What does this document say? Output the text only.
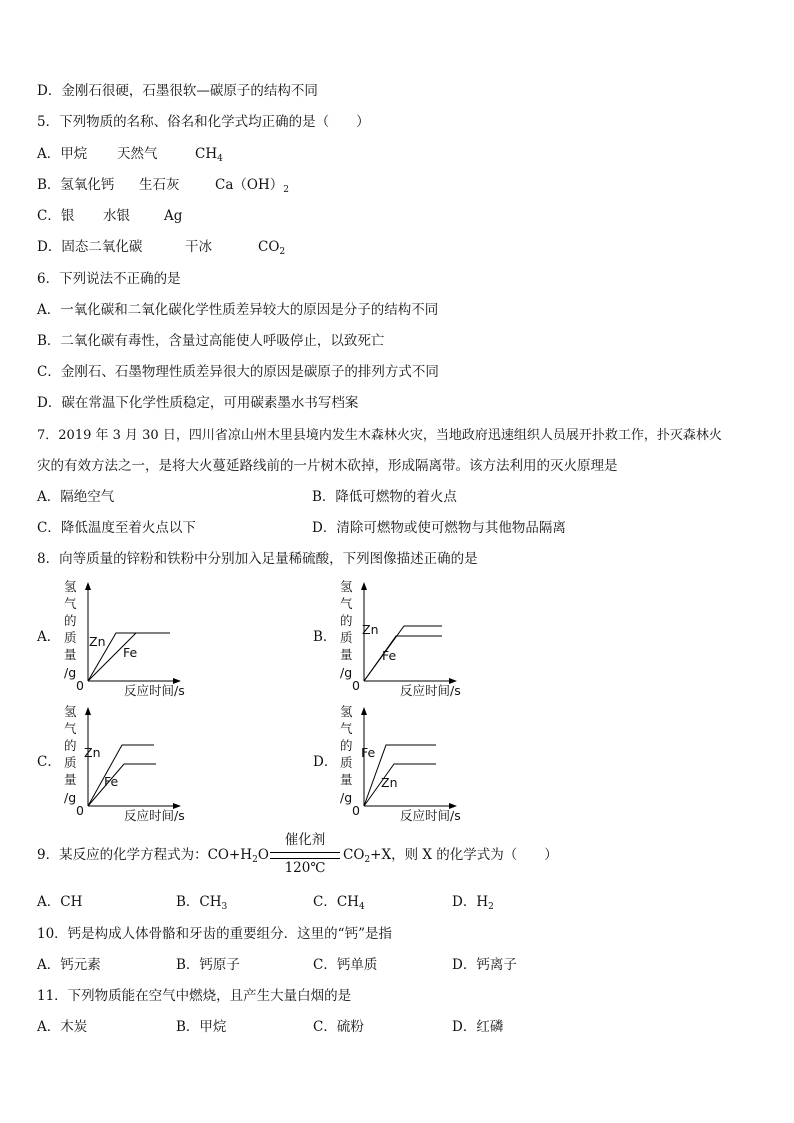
D．金刚石很硬，石墨很软—碳原子的结构不同
5．下列物质的名称、俗名和化学式均正确的是（　　）
A．甲烷 天然气	$CH_4$
B．氢氧化钙 生石灰	$Ca(OH)_2$
C．银 水银	Ag
D．固态二氧化碳	干冰	$CO_2$
6．下列说法不正确的是
A．一氧化碳和二氧化碳化学性质差异较大的原因是分子的结构不同
B．二氧化碳有毒性，含量过高能使人呼吸停止，以致死亡
C．金刚石、石墨物理性质差异很大的原因是碳原子的排列方式不同
D．碳在常温下化学性质稳定，可用碳素墨水书写档案
7．2019 年 3 月 30 日，四川省凉山州木里县境内发生木森林火灾，当地政府迅速组织人员展开扑救工作，扑灭森林火
灾的有效方法之一，是将大火蔓延路线前的一片树木砍掉，形成隔离带。该方法利用的灭火原理是
A．隔绝空气	B．降低可燃物的着火点
C．降低温度至着火点以下	D．清除可燃物或使可燃物与其他物品隔离
8．向等质量的锌粉和铁粉中分别加入足量稀硫酸，下列图像描述正确的是
A．
氢
气
的
质
量
/g
Zn
Fe
0	反应时间/s
B．
氢
气
的
质
量
/g
Zn
Fe
0	反应时间/s
C．
氢
气
的
质
量
/g
Zn
Fe
0	反应时间/s
D．
氢
气
的
质
量
/g
Fe
Zn
0	反应时间/s
9．某反应的化学方程式为：$CO+H_2O$
催化剂
120℃
$CO_2+X$，则 X 的化学式为（　　）
A．CH	B．$CH_3$	C．$CH_4$	D．$H_2$
10．钙是构成人体骨骼和牙齿的重要组分．这里的“钙”是指
A．钙元素	B．钙原子	C．钙单质	D．钙离子
11．下列物质能在空气中燃烧，且产生大量白烟的是
A．木炭	B．甲烷	C．硫粉	D．红磷
